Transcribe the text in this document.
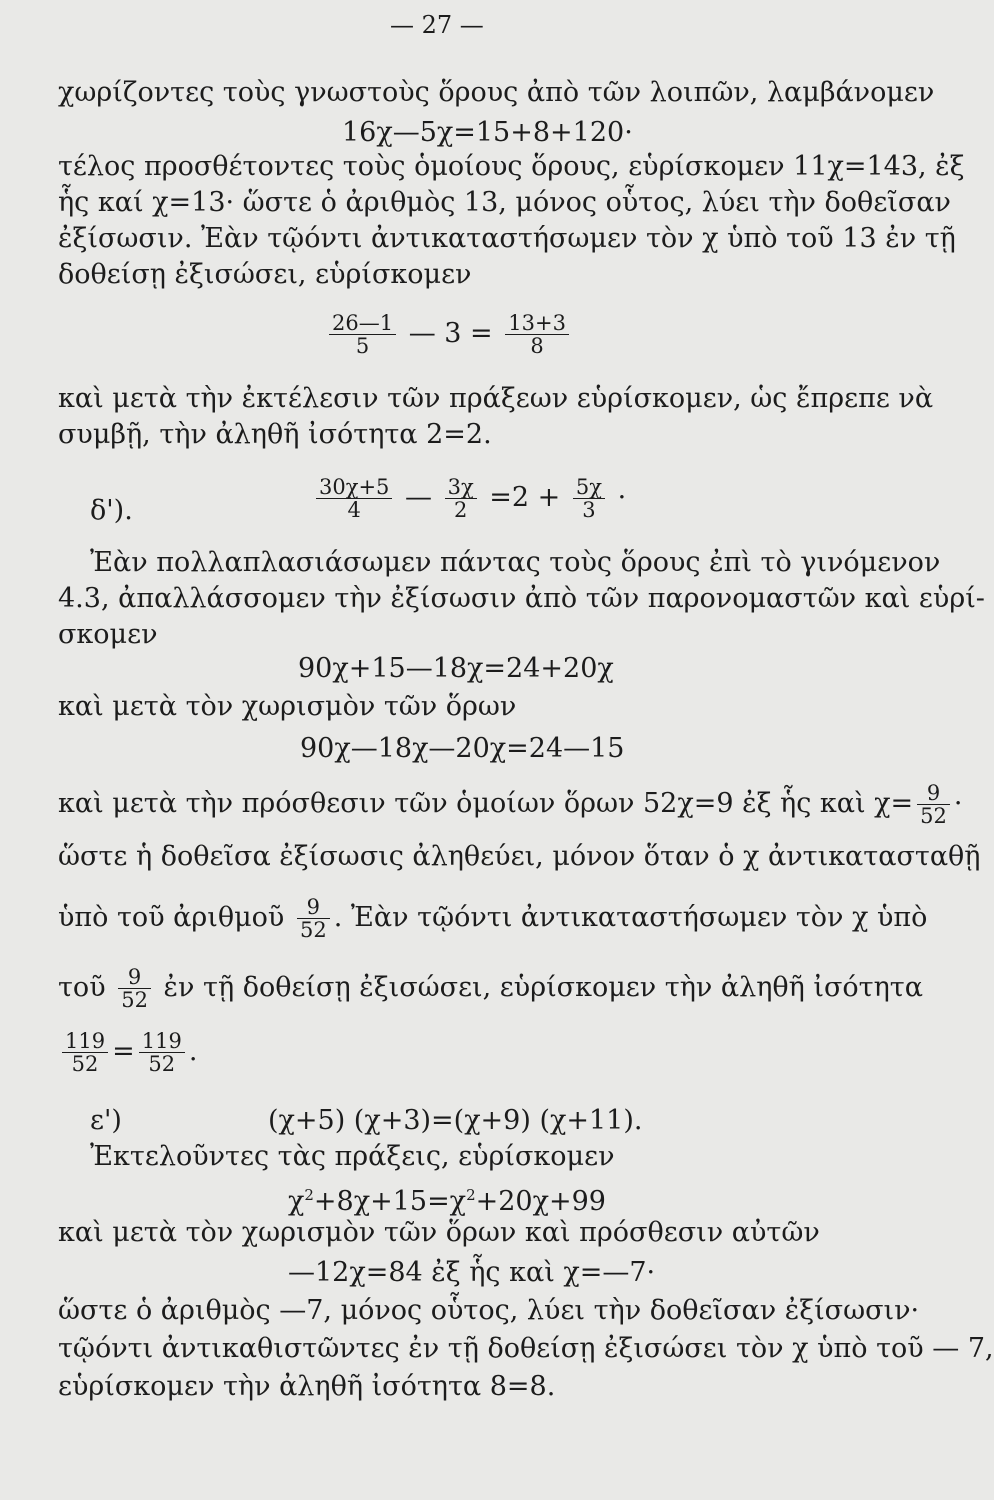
— 27 —
χωρίζοντες τοὺς γνωστοὺς ὅρους ἀπὸ τῶν λοιπῶν, λαμβάνομεν
16χ—5χ=15+8+120·
τέλος προσθέτοντες τοὺς ὁμοίους ὅρους, εὑρίσκομεν 11χ=143, ἐξ
ἧς καί χ=13· ὥστε ὁ ἀριθμὸς 13, μόνος οὗτος, λύει τὴν δοθεῖσαν
ἐξίσωσιν. Ἐὰν τῷόντι ἀντικαταστήσωμεν τὸν χ ὑπὸ τοῦ 13 ἐν τῇ
δοθείσῃ ἐξισώσει, εὑρίσκομεν
$\frac{26—1}{5}$ — $3 = \frac{13+3}{8}$
καὶ μετὰ τὴν ἐκτέλεσιν τῶν πράξεων εὑρίσκομεν, ὡς ἔπρεπε νὰ
συμβῇ, τὴν ἀληθῆ ἰσότητα 2=2.
δ').	$\frac{30\chi+5}{4}$ — $\frac{3\chi}{2} =2 + \frac{5\chi}{3}$ ·
Ἐὰν πολλαπλασιάσωμεν πάντας τοὺς ὅρους ἐπὶ τὸ γινόμενον
4.3, ἀπαλλάσσομεν τὴν ἐξίσωσιν ἀπὸ τῶν παρονομαστῶν καὶ εὑρί-
σκομεν
90χ+15—18χ=24+20χ
καὶ μετὰ τὸν χωρισμὸν τῶν ὅρων
90χ—18χ—20χ=24—15
καὶ μετὰ τὴν πρόσθεσιν τῶν ὁμοίων ὅρων 52χ=9 ἐξ ἧς καὶ $\chi= \frac{9}{52}$ ·
ὥστε ἡ δοθεῖσα ἐξίσωσις ἀληθεύει, μόνον ὅταν ὁ χ ἀντικατασταθῇ
ὑπὸ τοῦ ἀριθμοῦ $\frac{9}{52}$ . Ἐὰν τῷόντι ἀντικαταστήσωμεν τὸν χ ὑπὸ
τοῦ $\frac{9}{52}$ ἐν τῇ δοθείσῃ ἐξισώσει, εὑρίσκομεν τὴν ἀληθῆ ἰσότητα
$\frac{119}{52} = \frac{119}{52}$ .
ε')	(χ+5) (χ+3)=(χ+9) (χ+11).
Ἐκτελοῦντες τὰς πράξεις, εὑρίσκομεν
$\chi^2+8\chi+15=\chi^2+20\chi+99$
καὶ μετὰ τὸν χωρισμὸν τῶν ὅρων καὶ πρόσθεσιν αὐτῶν
—12χ=84 ἐξ ἧς καὶ χ=—7·
ὥστε ὁ ἀριθμὸς —7, μόνος οὗτος, λύει τὴν δοθεῖσαν ἐξίσωσιν·
τῷόντι ἀντικαθιστῶντες ἐν τῇ δοθείσῃ ἐξισώσει τὸν χ ὑπὸ τοῦ — 7,
εὑρίσκομεν τὴν ἀληθῆ ἰσότητα 8=8.
